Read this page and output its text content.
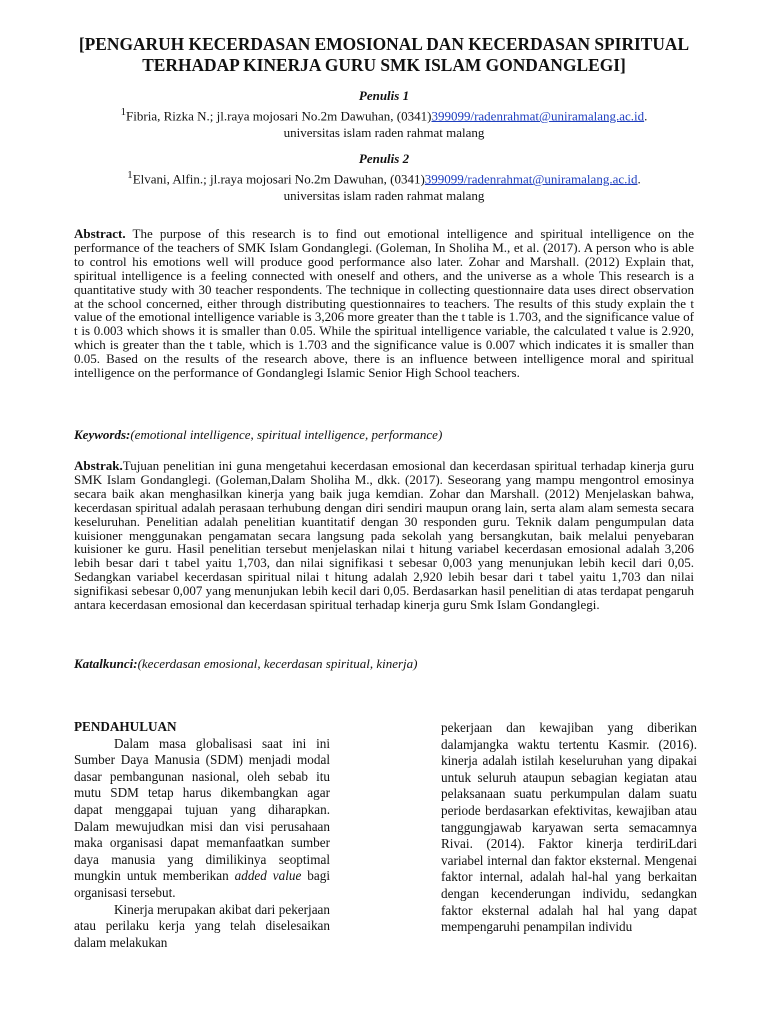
[PENGARUH KECERDASAN EMOSIONAL DAN KECERDASAN SPIRITUAL
TERHADAP KINERJA GURU SMK ISLAM GONDANGLEGI]
Penulis 1
$^1$Fibria, Rizka N.; jl.raya mojosari No.2m Dawuhan, (0341)399099/radenrahmat@uniramalang.ac.id.
universitas islam raden rahmat malang
Penulis 2
$^1$Elvani, Alfin.; jl.raya mojosari No.2m Dawuhan, (0341)399099/radenrahmat@uniramalang.ac.id.
universitas islam raden rahmat malang
Abstract. The purpose of this research is to find out emotional intelligence and spiritual intelligence on the performance of the teachers of SMK Islam Gondanglegi. (Goleman, In Sholiha M., et al. (2017). A person who is able to control his emotions well will produce good performance also later. Zohar and Marshall. (2012) Explain that, spiritual intelligence is a feeling connected with oneself and others, and the universe as a whole This research is a quantitative study with 30 teacher respondents. The technique in collecting questionnaire data uses direct observation at the school concerned, either through distributing questionnaires to teachers. The results of this study explain the t value of the emotional intelligence variable is 3,206 more greater than the t table is 1.703, and the significance value of t is 0.003 which shows it is smaller than 0.05. While the spiritual intelligence variable, the calculated t value is 2.920, which is greater than the t table, which is 1.703 and the significance value is 0.007 which indicates it is smaller than 0.05. Based on the results of the research above, there is an influence between intelligence moral and spiritual intelligence on the performance of Gondanglegi Islamic Senior High School teachers.
Keywords:(emotional intelligence, spiritual intelligence, performance)
Abstrak.Tujuan penelitian ini guna mengetahui kecerdasan emosional dan kecerdasan spiritual terhadap kinerja guru SMK Islam Gondanglegi. (Goleman,Dalam Sholiha M., dkk. (2017). Seseorang yang mampu mengontrol emosinya secara baik akan menghasilkan kinerja yang baik juga kemdian. Zohar dan Marshall. (2012) Menjelaskan bahwa, kecerdasan spiritual adalah perasaan terhubung dengan diri sendiri maupun orang lain, serta alam alam semesta secara keseluruhan. Penelitian adalah penelitian kuantitatif dengan 30 responden guru. Teknik dalam pengumpulan data kuisioner menggunakan pengamatan secara langsung pada sekolah yang bersangkutan, baik melalui penyebaran kuisioner ke guru. Hasil penelitian tersebut menjelaskan nilai t hitung variabel kecerdasan emosional adalah 3,206 lebih besar dari t tabel yaitu 1,703, dan nilai signifikasi t sebesar 0,003 yang menunjukan lebih kecil dari 0,05. Sedangkan variabel kecerdasan spiritual nilai t hitung adalah 2,920 lebih besar dari t tabel yaitu 1,703 dan nilai signifikasi sebesar 0,007 yang menunjukan lebih kecil dari 0,05. Berdasarkan hasil penelitian di atas terdapat pengaruh antara kecerdasan emosional dan kecerdasan spiritual terhadap kinerja guru Smk Islam Gondanglegi.
Katalkunci:(kecerdasan emosional, kecerdasan spiritual, kinerja)
PENDAHULUAN

Dalam masa globalisasi saat ini ini Sumber Daya Manusia (SDM) menjadi modal dasar pembangunan nasional, oleh sebab itu mutu SDM tetap harus dikembangkan agar dapat menggapai tujuan yang diharapkan. Dalam mewujudkan misi dan visi perusahaan maka organisasi dapat memanfaatkan sumber daya manusia yang dimilikinya seoptimal mungkin untuk memberikan added value bagi organisasi tersebut.

Kinerja merupakan akibat dari pekerjaan atau perilaku kerja yang telah diselesaikan dalam melakukan

pekerjaan dan kewajiban yang diberikan dalamjangka waktu tertentu Kasmir. (2016). kinerja adalah istilah keseluruhan yang dipakai untuk seluruh ataupun sebagian kegiatan atau pelaksanaan suatu perkumpulan dalam suatu periode berdasarkan efektivitas, kewajiban atau tanggungjawab karyawan serta semacamnya Rivai. (2014). Faktor kinerja terdiriLdari variabel internal dan faktor eksternal. Mengenai faktor internal, adalah hal-hal yang berkaitan dengan kecenderungan individu, sedangkan faktor eksternal adalah hal hal yang dapat mempengaruhi penampilan individu
